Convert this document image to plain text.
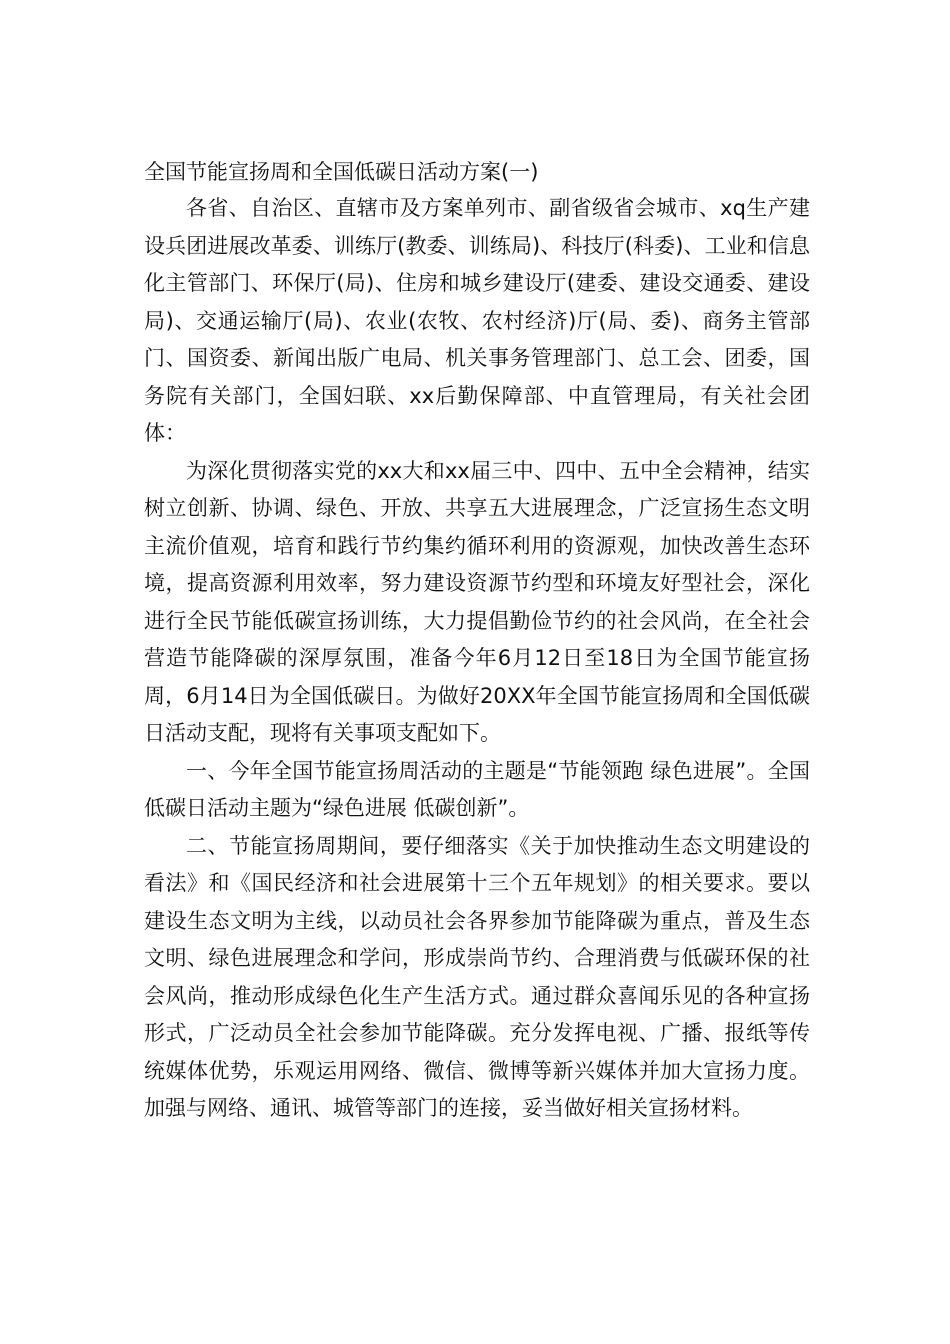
全国节能宣扬周和全国低碳日活动方案(一)

各省、自治区、直辖市及方案单列市、副省级省会城市、xq生产建设兵团进展改革委、训练厅(教委、训练局)、科技厅(科委)、工业和信息化主管部门、环保厅(局)、住房和城乡建设厅(建委、建设交通委、建设局)、交通运输厅(局)、农业(农牧、农村经济)厅(局、委)、商务主管部门、国资委、新闻出版广电局、机关事务管理部门、总工会、团委，国务院有关部门，全国妇联、xx后勤保障部、中直管理局，有关社会团体：

为深化贯彻落实党的xx大和xx届三中、四中、五中全会精神，结实树立创新、协调、绿色、开放、共享五大进展理念，广泛宣扬生态文明主流价值观，培育和践行节约集约循环利用的资源观，加快改善生态环境，提高资源利用效率，努力建设资源节约型和环境友好型社会，深化进行全民节能低碳宣扬训练，大力提倡勤俭节约的社会风尚，在全社会营造节能降碳的深厚氛围，准备今年6月12日至18日为全国节能宣扬周，6月14日为全国低碳日。为做好20XX年全国节能宣扬周和全国低碳日活动支配，现将有关事项支配如下。

一、今年全国节能宣扬周活动的主题是“节能领跑 绿色进展”。全国低碳日活动主题为“绿色进展 低碳创新”。

二、节能宣扬周期间，要仔细落实《关于加快推动生态文明建设的看法》和《国民经济和社会进展第十三个五年规划》的相关要求。要以建设生态文明为主线，以动员社会各界参加节能降碳为重点，普及生态文明、绿色进展理念和学问，形成崇尚节约、合理消费与低碳环保的社会风尚，推动形成绿色化生产生活方式。通过群众喜闻乐见的各种宣扬形式，广泛动员全社会参加节能降碳。充分发挥电视、广播、报纸等传统媒体优势，乐观运用网络、微信、微博等新兴媒体并加大宣扬力度。加强与网络、通讯、城管等部门的连接，妥当做好相关宣扬材料。
